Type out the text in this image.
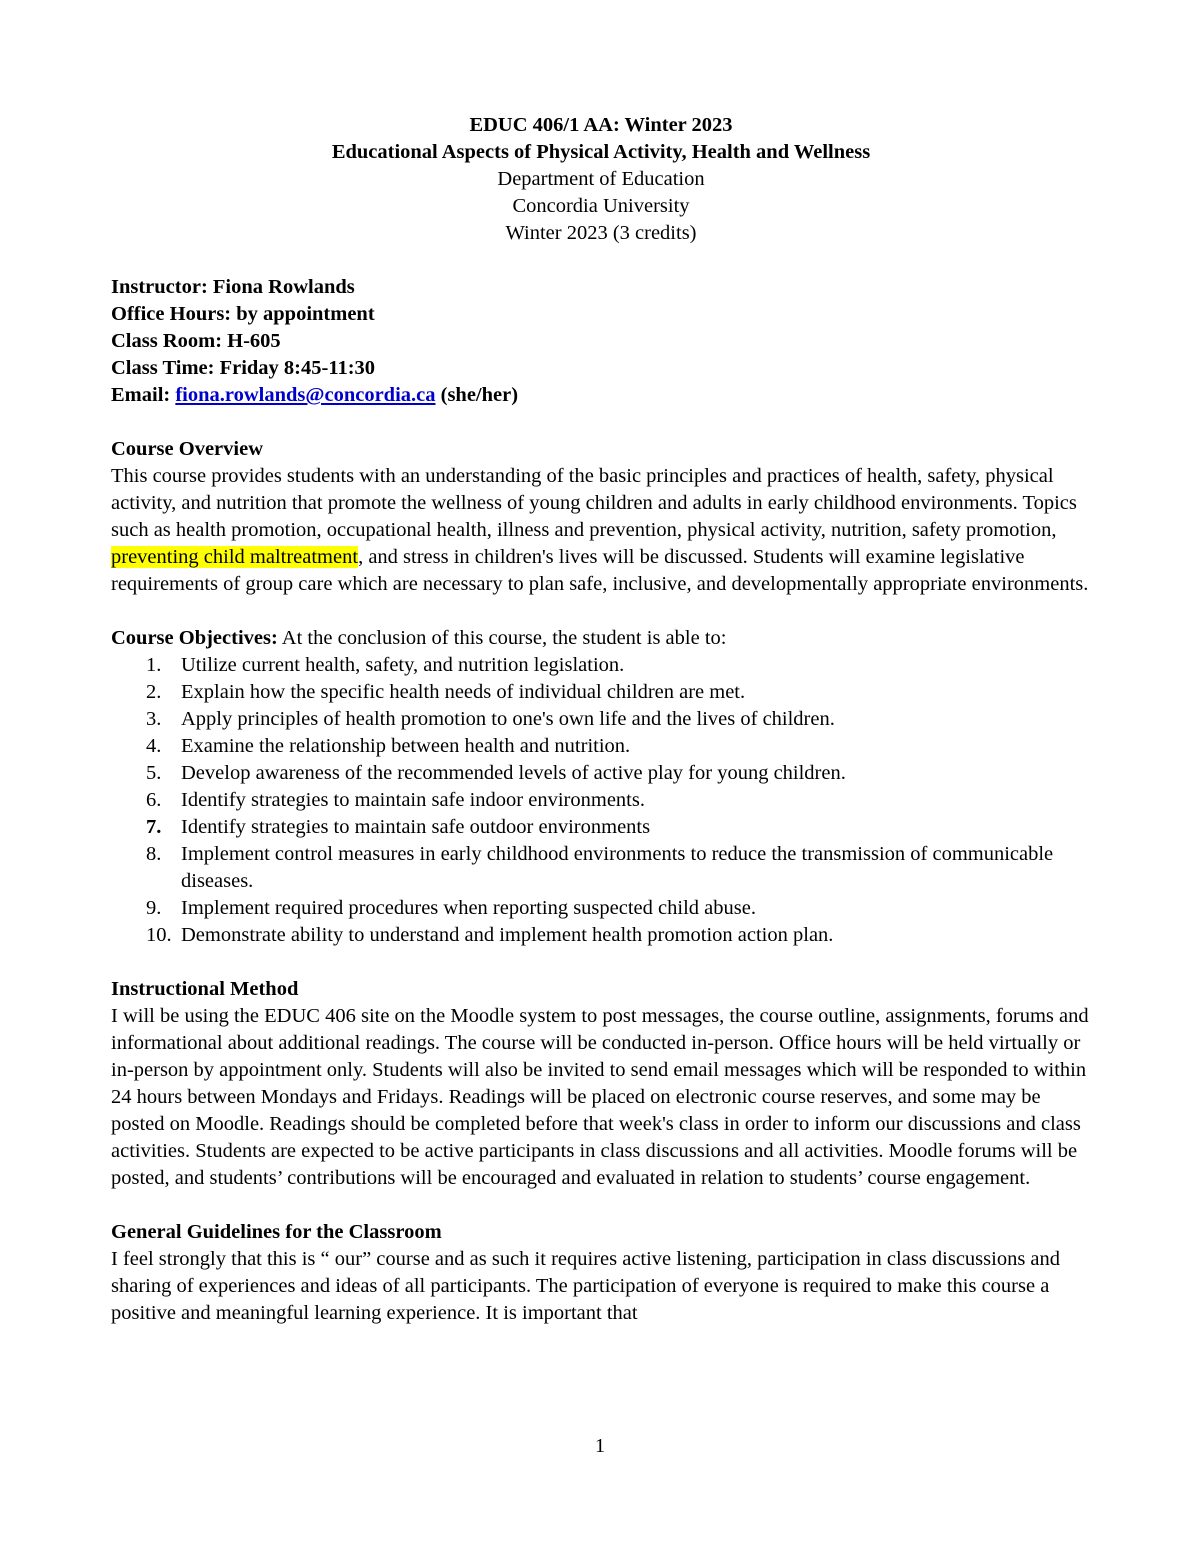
EDUC 406/1 AA: Winter 2023

Educational Aspects of Physical Activity, Health and Wellness

Department of Education

Concordia University

Winter 2023 (3 credits)

Instructor: Fiona Rowlands

Office Hours: by appointment

Class Room: H-605

Class Time: Friday 8:45-11:30

Email: fiona.rowlands@concordia.ca (she/her)

Course Overview

This course provides students with an understanding of the basic principles and practices of health, safety, physical activity, and nutrition that promote the wellness of young children and adults in early childhood environments. Topics such as health promotion, occupational health, illness and prevention, physical activity, nutrition, safety promotion, preventing child maltreatment, and stress in children's lives will be discussed. Students will examine legislative requirements of group care which are necessary to plan safe, inclusive, and developmentally appropriate environments.

Course Objectives: At the conclusion of this course, the student is able to:

1. Utilize current health, safety, and nutrition legislation.
2. Explain how the specific health needs of individual children are met.
3. Apply principles of health promotion to one's own life and the lives of children.
4. Examine the relationship between health and nutrition.
5. Develop awareness of the recommended levels of active play for young children.
6. Identify strategies to maintain safe indoor environments.
7. Identify strategies to maintain safe outdoor environments
8. Implement control measures in early childhood environments to reduce the transmission of communicable diseases.
9. Implement required procedures when reporting suspected child abuse.
10. Demonstrate ability to understand and implement health promotion action plan.

Instructional Method

I will be using the EDUC 406 site on the Moodle system to post messages, the course outline, assignments, forums and informational about additional readings. The course will be conducted in-person. Office hours will be held virtually or in-person by appointment only. Students will also be invited to send email messages which will be responded to within 24 hours between Mondays and Fridays. Readings will be placed on electronic course reserves, and some may be posted on Moodle. Readings should be completed before that week's class in order to inform our discussions and class activities. Students are expected to be active participants in class discussions and all activities. Moodle forums will be posted, and students’ contributions will be encouraged and evaluated in relation to students’ course engagement.

General Guidelines for the Classroom

I feel strongly that this is “ our” course and as such it requires active listening, participation in class discussions and sharing of experiences and ideas of all participants. The participation of everyone is required to make this course a positive and meaningful learning experience. It is important that

1
